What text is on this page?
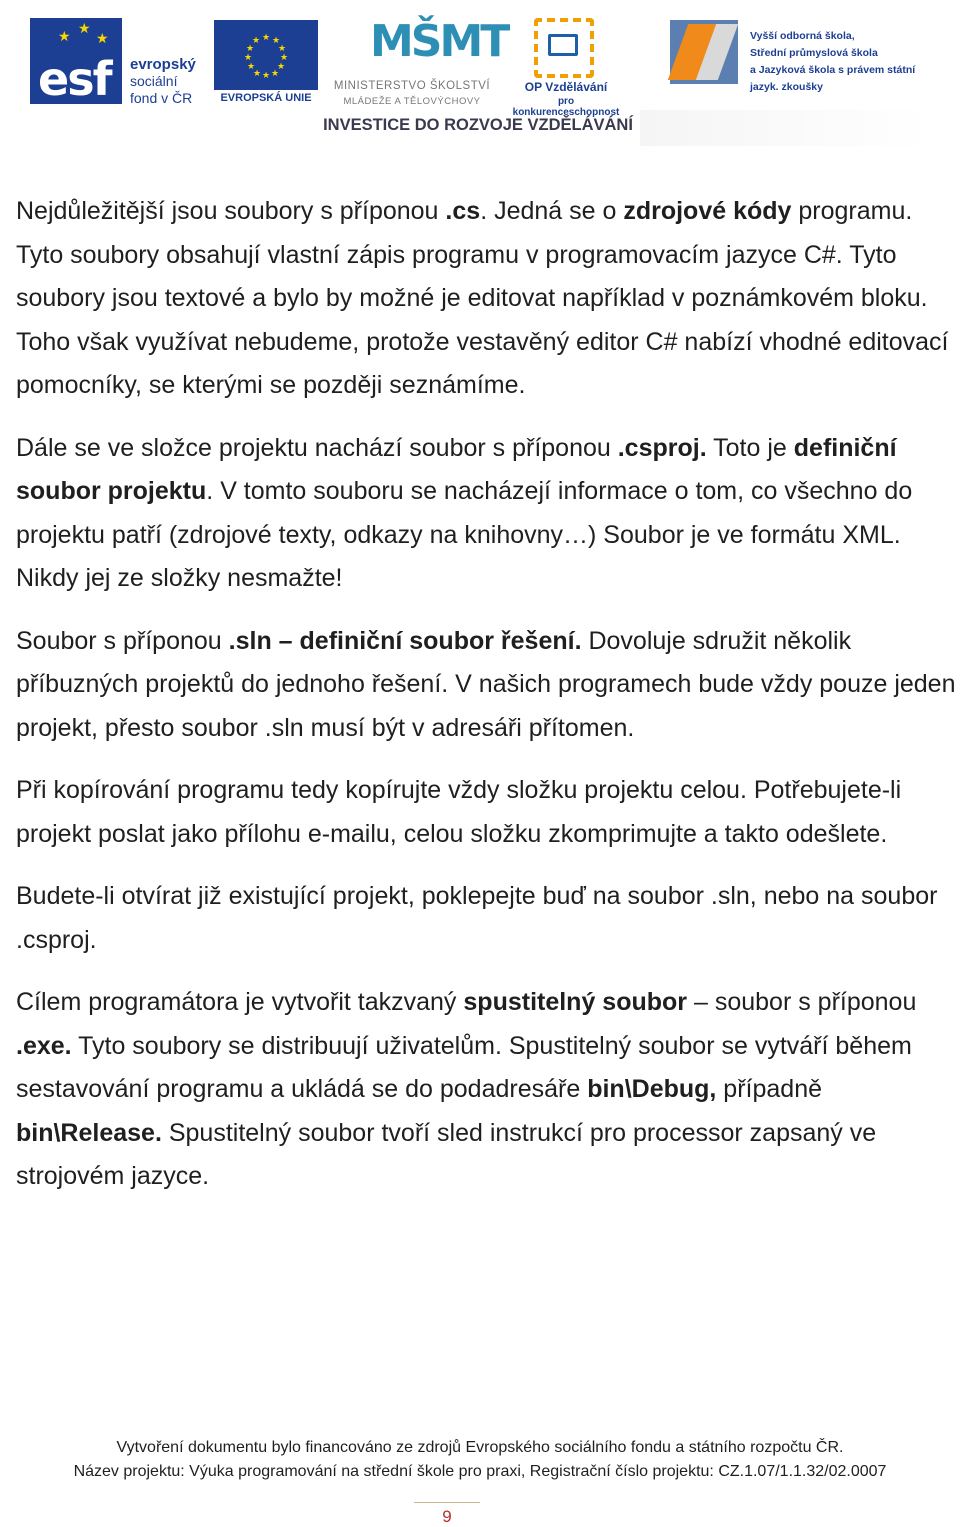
★ ★
★
esf evropský
sociální
fond v ČR
★ ★
★
★
★
★
★
★
★
★
★
★
EVROPSKÁ UNIE
MŠMT
MINISTERSTVO ŠKOLSTVÍ
MLÁDEŽE A TĚLOVÝCHOVY
OP Vzdělávání
pro konkurenceschopnost
Vyšší odborná škola,
Střední průmyslová škola
a Jazyková škola s právem státní jazyk. zkoušky
INVESTICE DO ROZVOJE VZDĚLÁVÁNÍ

Nejdůležitější jsou soubory s příponou .cs. Jedná se o zdrojové kódy programu. Tyto soubory obsahují vlastní zápis programu v programovacím jazyce C#. Tyto soubory jsou textové a bylo by možné je editovat například v poznámkovém bloku. Toho však využívat nebudeme, protože vestavěný editor C# nabízí vhodné editovací pomocníky, se kterými se později seznámíme.

Dále se ve složce projektu nachází soubor s příponou .csproj. Toto je definiční soubor projektu. V tomto souboru se nacházejí informace o tom, co všechno do projektu patří (zdrojové texty, odkazy na knihovny…) Soubor je ve formátu XML. Nikdy jej ze složky nesmažte!

Soubor s příponou .sln – definiční soubor řešení. Dovoluje sdružit několik příbuzných projektů do jednoho řešení. V našich programech bude vždy pouze jeden projekt, přesto soubor .sln musí být v adresáři přítomen.

Při kopírování programu tedy kopírujte vždy složku projektu celou. Potřebujete-li projekt poslat jako přílohu e-mailu, celou složku zkomprimujte a takto odešlete.

Budete-li otvírat již existující projekt, poklepejte buď na soubor .sln, nebo na soubor .csproj.

Cílem programátora je vytvořit takzvaný spustitelný soubor – soubor s příponou .exe. Tyto soubory se distribuují uživatelům. Spustitelný soubor se vytváří během sestavování programu a ukládá se do podadresáře bin\Debug, případně bin\Release. Spustitelný soubor tvoří sled instrukcí pro processor zapsaný ve strojovém jazyce.

Vytvoření dokumentu bylo financováno ze zdrojů Evropského sociálního fondu a státního rozpočtu ČR.
Název projektu: Výuka programování na střední škole pro praxi, Registrační číslo projektu: CZ.1.07/1.1.32/02.0007
9
